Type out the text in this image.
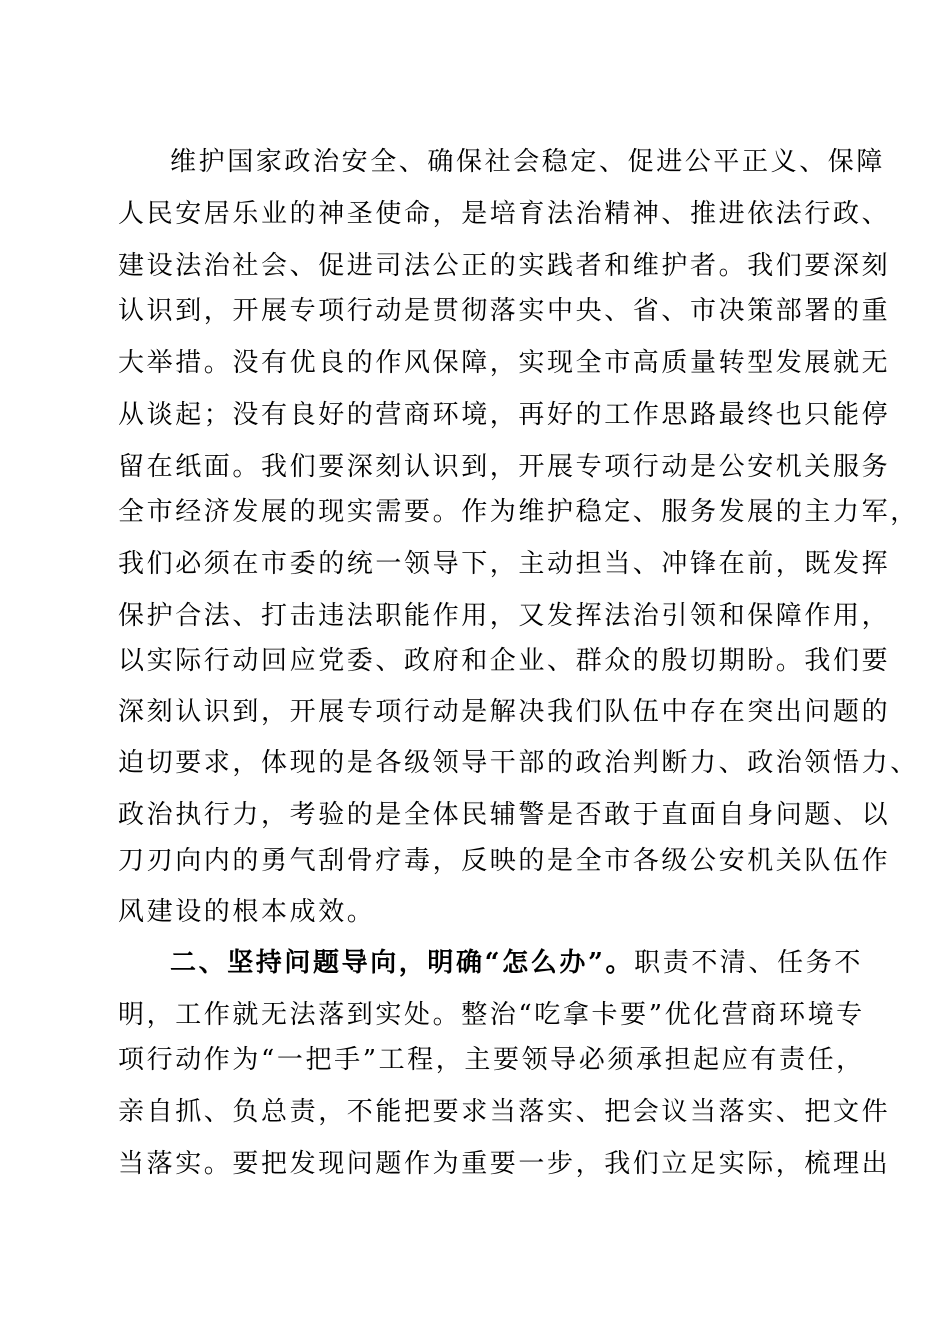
维护国家政治安全、确保社会稳定、促进公平正义、保障
人民安居乐业的神圣使命，是培育法治精神、推进依法行政、
建设法治社会、促进司法公正的实践者和维护者。我们要深刻
认识到，开展专项行动是贯彻落实中央、省、市决策部署的重
大举措。没有优良的作风保障，实现全市高质量转型发展就无
从谈起；没有良好的营商环境，再好的工作思路最终也只能停
留在纸面。我们要深刻认识到，开展专项行动是公安机关服务
全市经济发展的现实需要。作为维护稳定、服务发展的主力军，
我们必须在市委的统一领导下，主动担当、冲锋在前，既发挥
保护合法、打击违法职能作用，又发挥法治引领和保障作用，
以实际行动回应党委、政府和企业、群众的殷切期盼。我们要
深刻认识到，开展专项行动是解决我们队伍中存在突出问题的
迫切要求，体现的是各级领导干部的政治判断力、政治领悟力、
政治执行力，考验的是全体民辅警是否敢于直面自身问题、以
刀刃向内的勇气刮骨疗毒，反映的是全市各级公安机关队伍作
风建设的根本成效。
二、坚持问题导向，明确“怎么办”。职责不清、任务不
明，工作就无法落到实处。整治“吃拿卡要”优化营商环境专
项行动作为“一把手”工程，主要领导必须承担起应有责任，
亲自抓、负总责，不能把要求当落实、把会议当落实、把文件
当落实。要把发现问题作为重要一步，我们立足实际，梳理出
